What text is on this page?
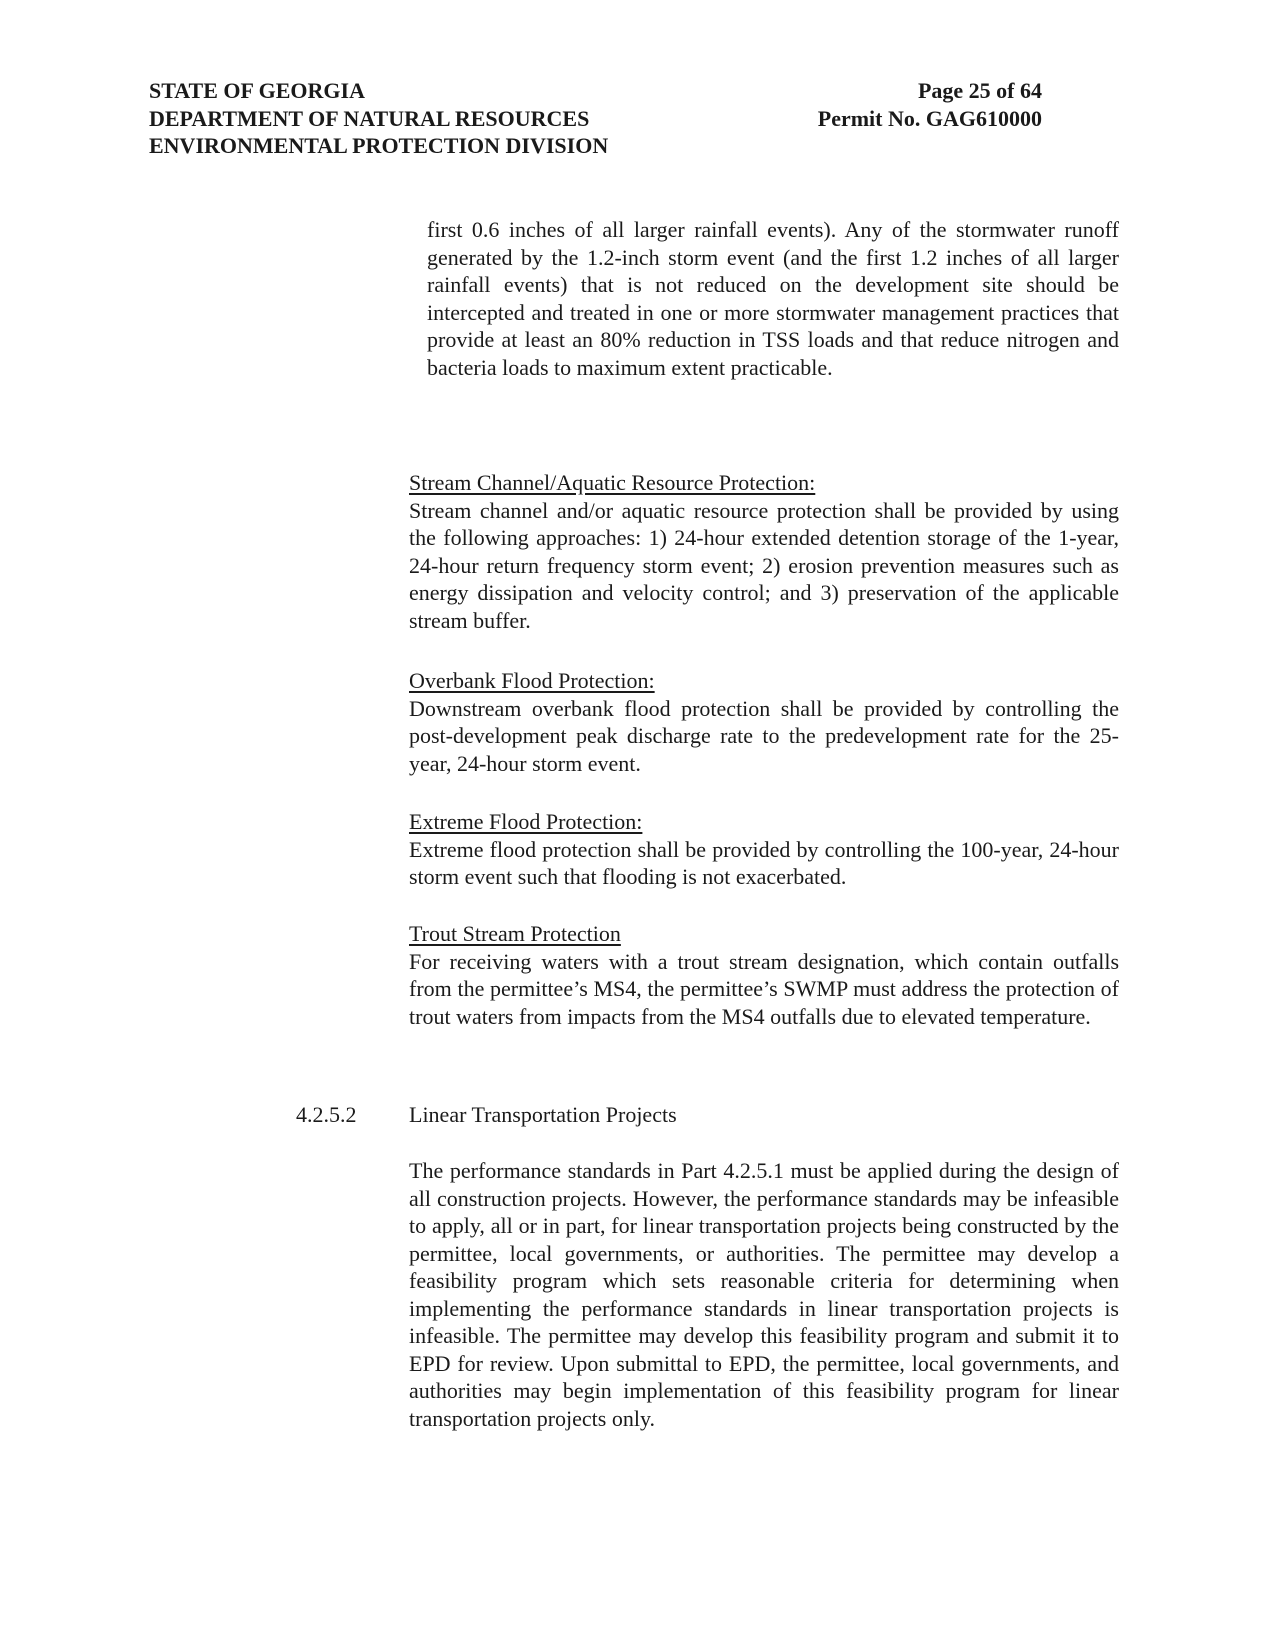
STATE OF GEORGIA
DEPARTMENT OF NATURAL RESOURCES
ENVIRONMENTAL PROTECTION DIVISION
Page 25 of 64
Permit No. GAG610000

first 0.6 inches of all larger rainfall events). Any of the stormwater runoff generated by the 1.2-inch storm event (and the first 1.2 inches of all larger rainfall events) that is not reduced on the development site should be intercepted and treated in one or more stormwater management practices that provide at least an 80% reduction in TSS loads and that reduce nitrogen and bacteria loads to maximum extent practicable.

Stream Channel/Aquatic Resource Protection:

Stream channel and/or aquatic resource protection shall be provided by using the following approaches: 1) 24-hour extended detention storage of the 1-year, 24-hour return frequency storm event; 2) erosion prevention measures such as energy dissipation and velocity control; and 3) preservation of the applicable stream buffer.

Overbank Flood Protection:

Downstream overbank flood protection shall be provided by controlling the post-development peak discharge rate to the predevelopment rate for the 25-year, 24-hour storm event.

Extreme Flood Protection:

Extreme flood protection shall be provided by controlling the 100-year, 24-hour storm event such that flooding is not exacerbated.

Trout Stream Protection

For receiving waters with a trout stream designation, which contain outfalls from the permittee’s MS4, the permittee’s SWMP must address the protection of trout waters from impacts from the MS4 outfalls due to elevated temperature.

4.2.5.2 Linear Transportation Projects

The performance standards in Part 4.2.5.1 must be applied during the design of all construction projects. However, the performance standards may be infeasible to apply, all or in part, for linear transportation projects being constructed by the permittee, local governments, or authorities. The permittee may develop a feasibility program which sets reasonable criteria for determining when implementing the performance standards in linear transportation projects is infeasible. The permittee may develop this feasibility program and submit it to EPD for review. Upon submittal to EPD, the permittee, local governments, and authorities may begin implementation of this feasibility program for linear transportation projects only.
